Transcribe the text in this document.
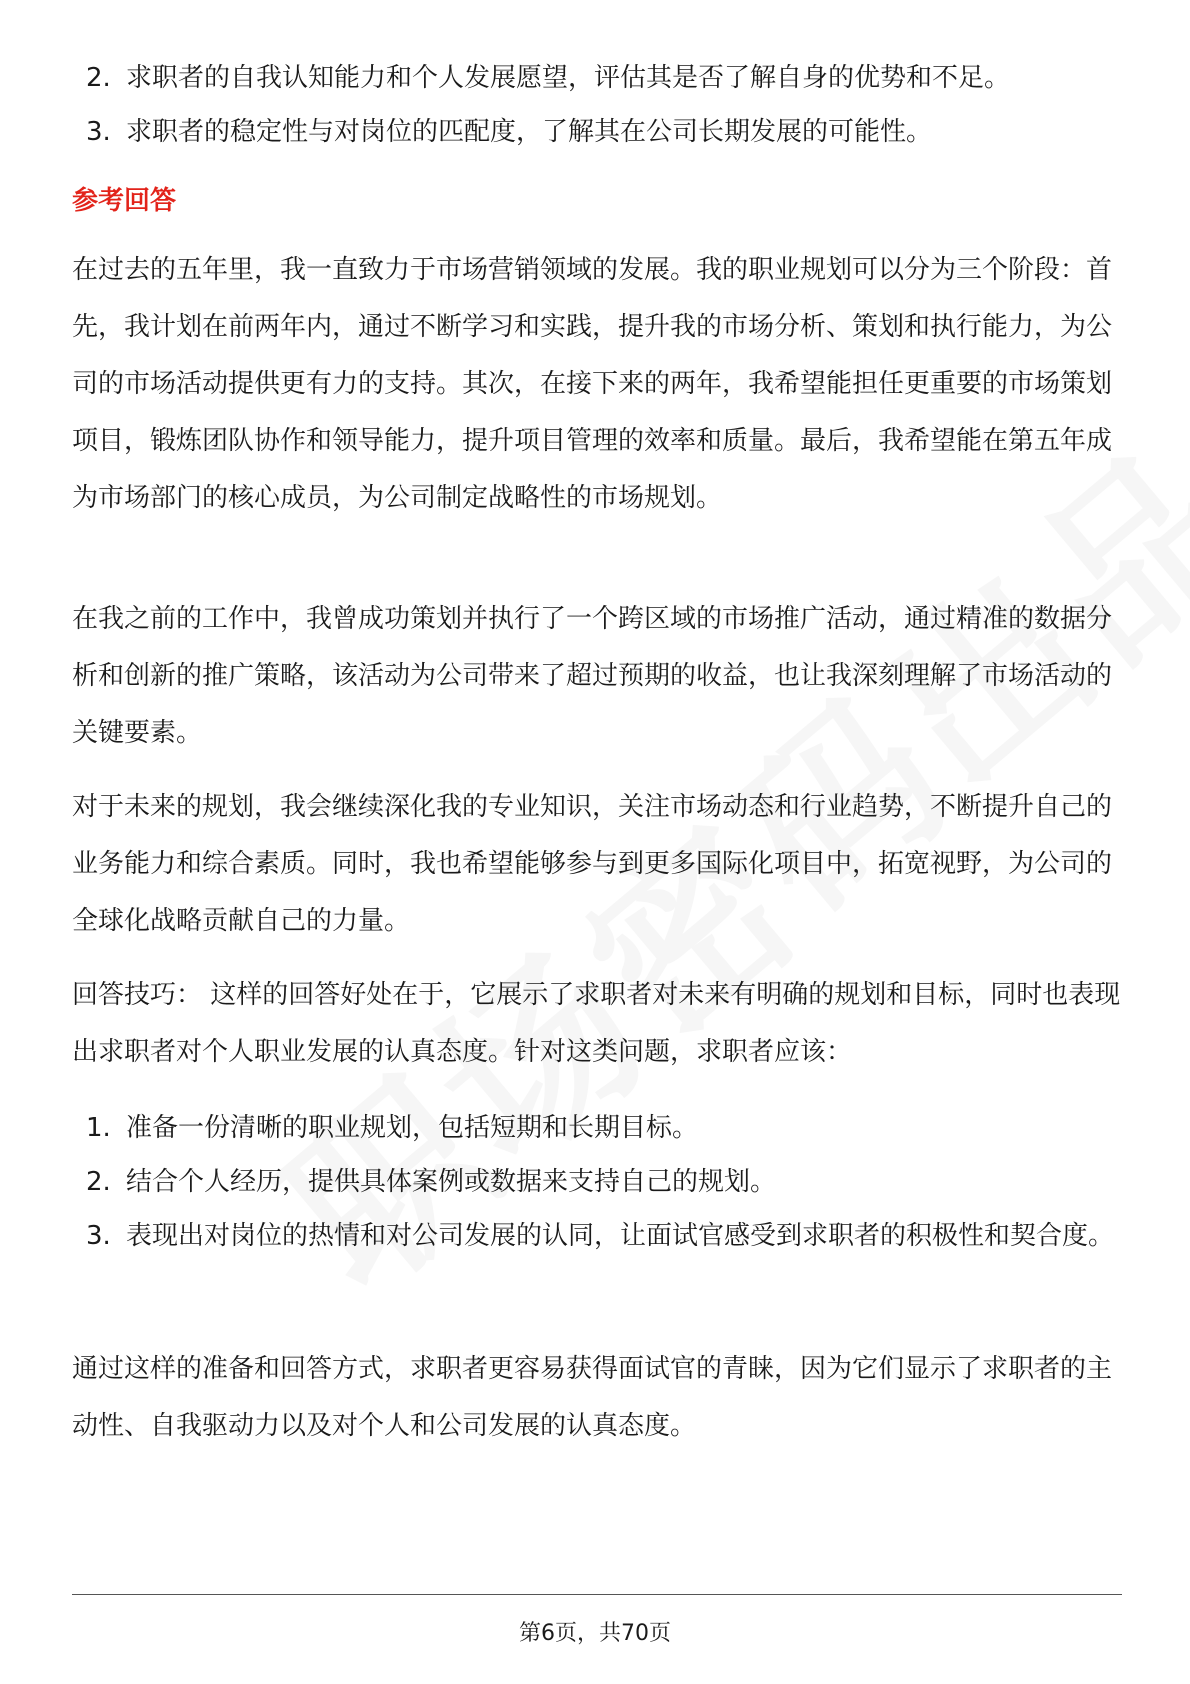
2. 求职者的自我认知能力和个人发展愿望，评估其是否了解自身的优势和不足。
3. 求职者的稳定性与对岗位的匹配度，了解其在公司长期发展的可能性。
参考回答

在过去的五年里，我一直致力于市场营销领域的发展。我的职业规划可以分为三个阶段：首先，我计划在前两年内，通过不断学习和实践，提升我的市场分析、策划和执行能力，为公司的市场活动提供更有力的支持。其次，在接下来的两年，我希望能担任更重要的市场策划项目，锻炼团队协作和领导能力，提升项目管理的效率和质量。最后，我希望能在第五年成为市场部门的核心成员，为公司制定战略性的市场规划。

在我之前的工作中，我曾成功策划并执行了一个跨区域的市场推广活动，通过精准的数据分析和创新的推广策略，该活动为公司带来了超过预期的收益，也让我深刻理解了市场活动的关键要素。

对于未来的规划，我会继续深化我的专业知识，关注市场动态和行业趋势，不断提升自己的业务能力和综合素质。同时，我也希望能够参与到更多国际化项目中，拓宽视野，为公司的全球化战略贡献自己的力量。

回答技巧： 这样的回答好处在于，它展示了求职者对未来有明确的规划和目标，同时也表现出求职者对个人职业发展的认真态度。针对这类问题，求职者应该：

1. 准备一份清晰的职业规划，包括短期和长期目标。
2. 结合个人经历，提供具体案例或数据来支持自己的规划。
3. 表现出对岗位的热情和对公司发展的认同，让面试官感受到求职者的积极性和契合度。

通过这样的准备和回答方式，求职者更容易获得面试官的青睐，因为它们显示了求职者的主动性、自我驱动力以及对个人和公司发展的认真态度。

第6页，共70页
